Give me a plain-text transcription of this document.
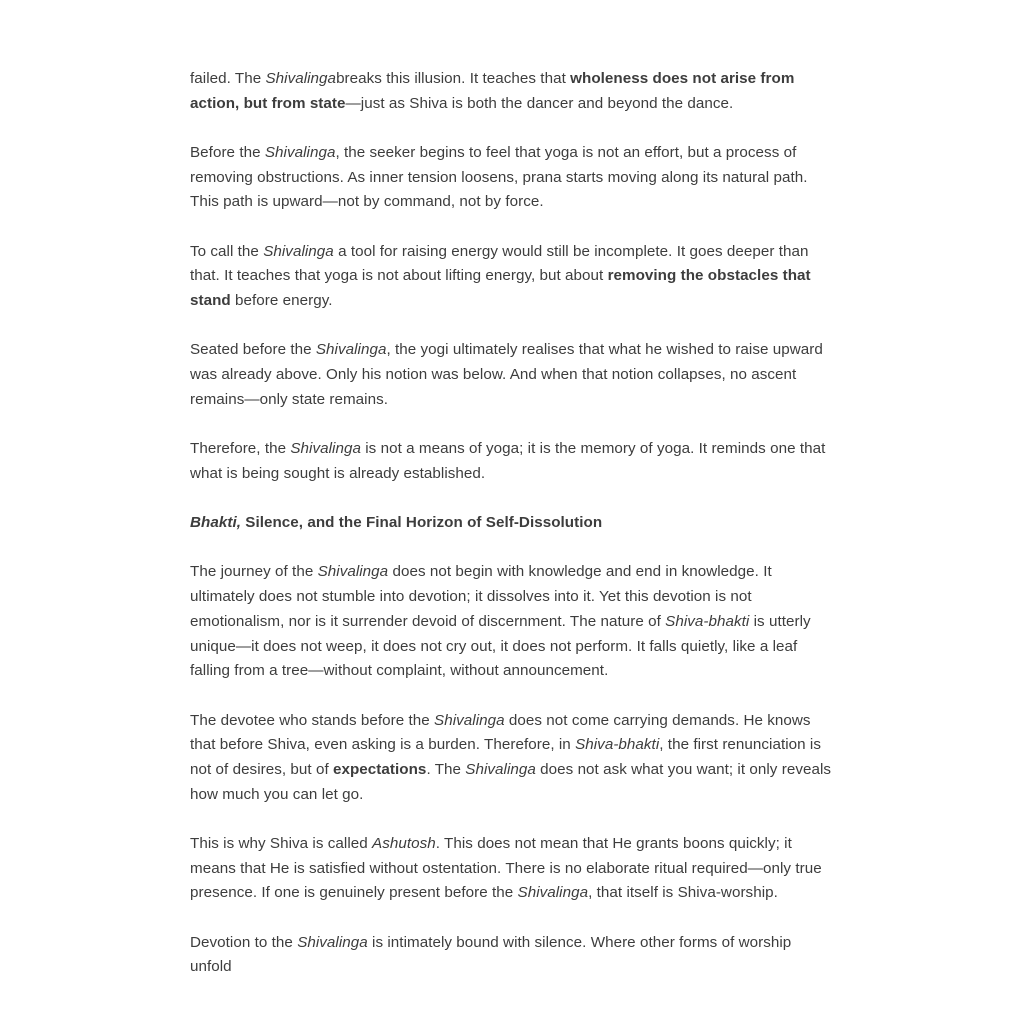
failed. The Shivalingabreaks this illusion. It teaches that wholeness does not arise from action, but from state—just as Shiva is both the dancer and beyond the dance.

Before the Shivalinga, the seeker begins to feel that yoga is not an effort, but a process of removing obstructions. As inner tension loosens, prana starts moving along its natural path. This path is upward—not by command, not by force.

To call the Shivalinga a tool for raising energy would still be incomplete. It goes deeper than that. It teaches that yoga is not about lifting energy, but about removing the obstacles that stand before energy.

Seated before the Shivalinga, the yogi ultimately realises that what he wished to raise upward was already above. Only his notion was below. And when that notion collapses, no ascent remains—only state remains.

Therefore, the Shivalinga is not a means of yoga; it is the memory of yoga. It reminds one that what is being sought is already established.

Bhakti, Silence, and the Final Horizon of Self-Dissolution

The journey of the Shivalinga does not begin with knowledge and end in knowledge. It ultimately does not stumble into devotion; it dissolves into it. Yet this devotion is not emotionalism, nor is it surrender devoid of discernment. The nature of Shiva-bhakti is utterly unique—it does not weep, it does not cry out, it does not perform. It falls quietly, like a leaf falling from a tree—without complaint, without announcement.

The devotee who stands before the Shivalinga does not come carrying demands. He knows that before Shiva, even asking is a burden. Therefore, in Shiva-bhakti, the first renunciation is not of desires, but of expectations. The Shivalinga does not ask what you want; it only reveals how much you can let go.

This is why Shiva is called Ashutosh. This does not mean that He grants boons quickly; it means that He is satisfied without ostentation. There is no elaborate ritual required—only true presence. If one is genuinely present before the Shivalinga, that itself is Shiva-worship.

Devotion to the Shivalinga is intimately bound with silence. Where other forms of worship unfold
